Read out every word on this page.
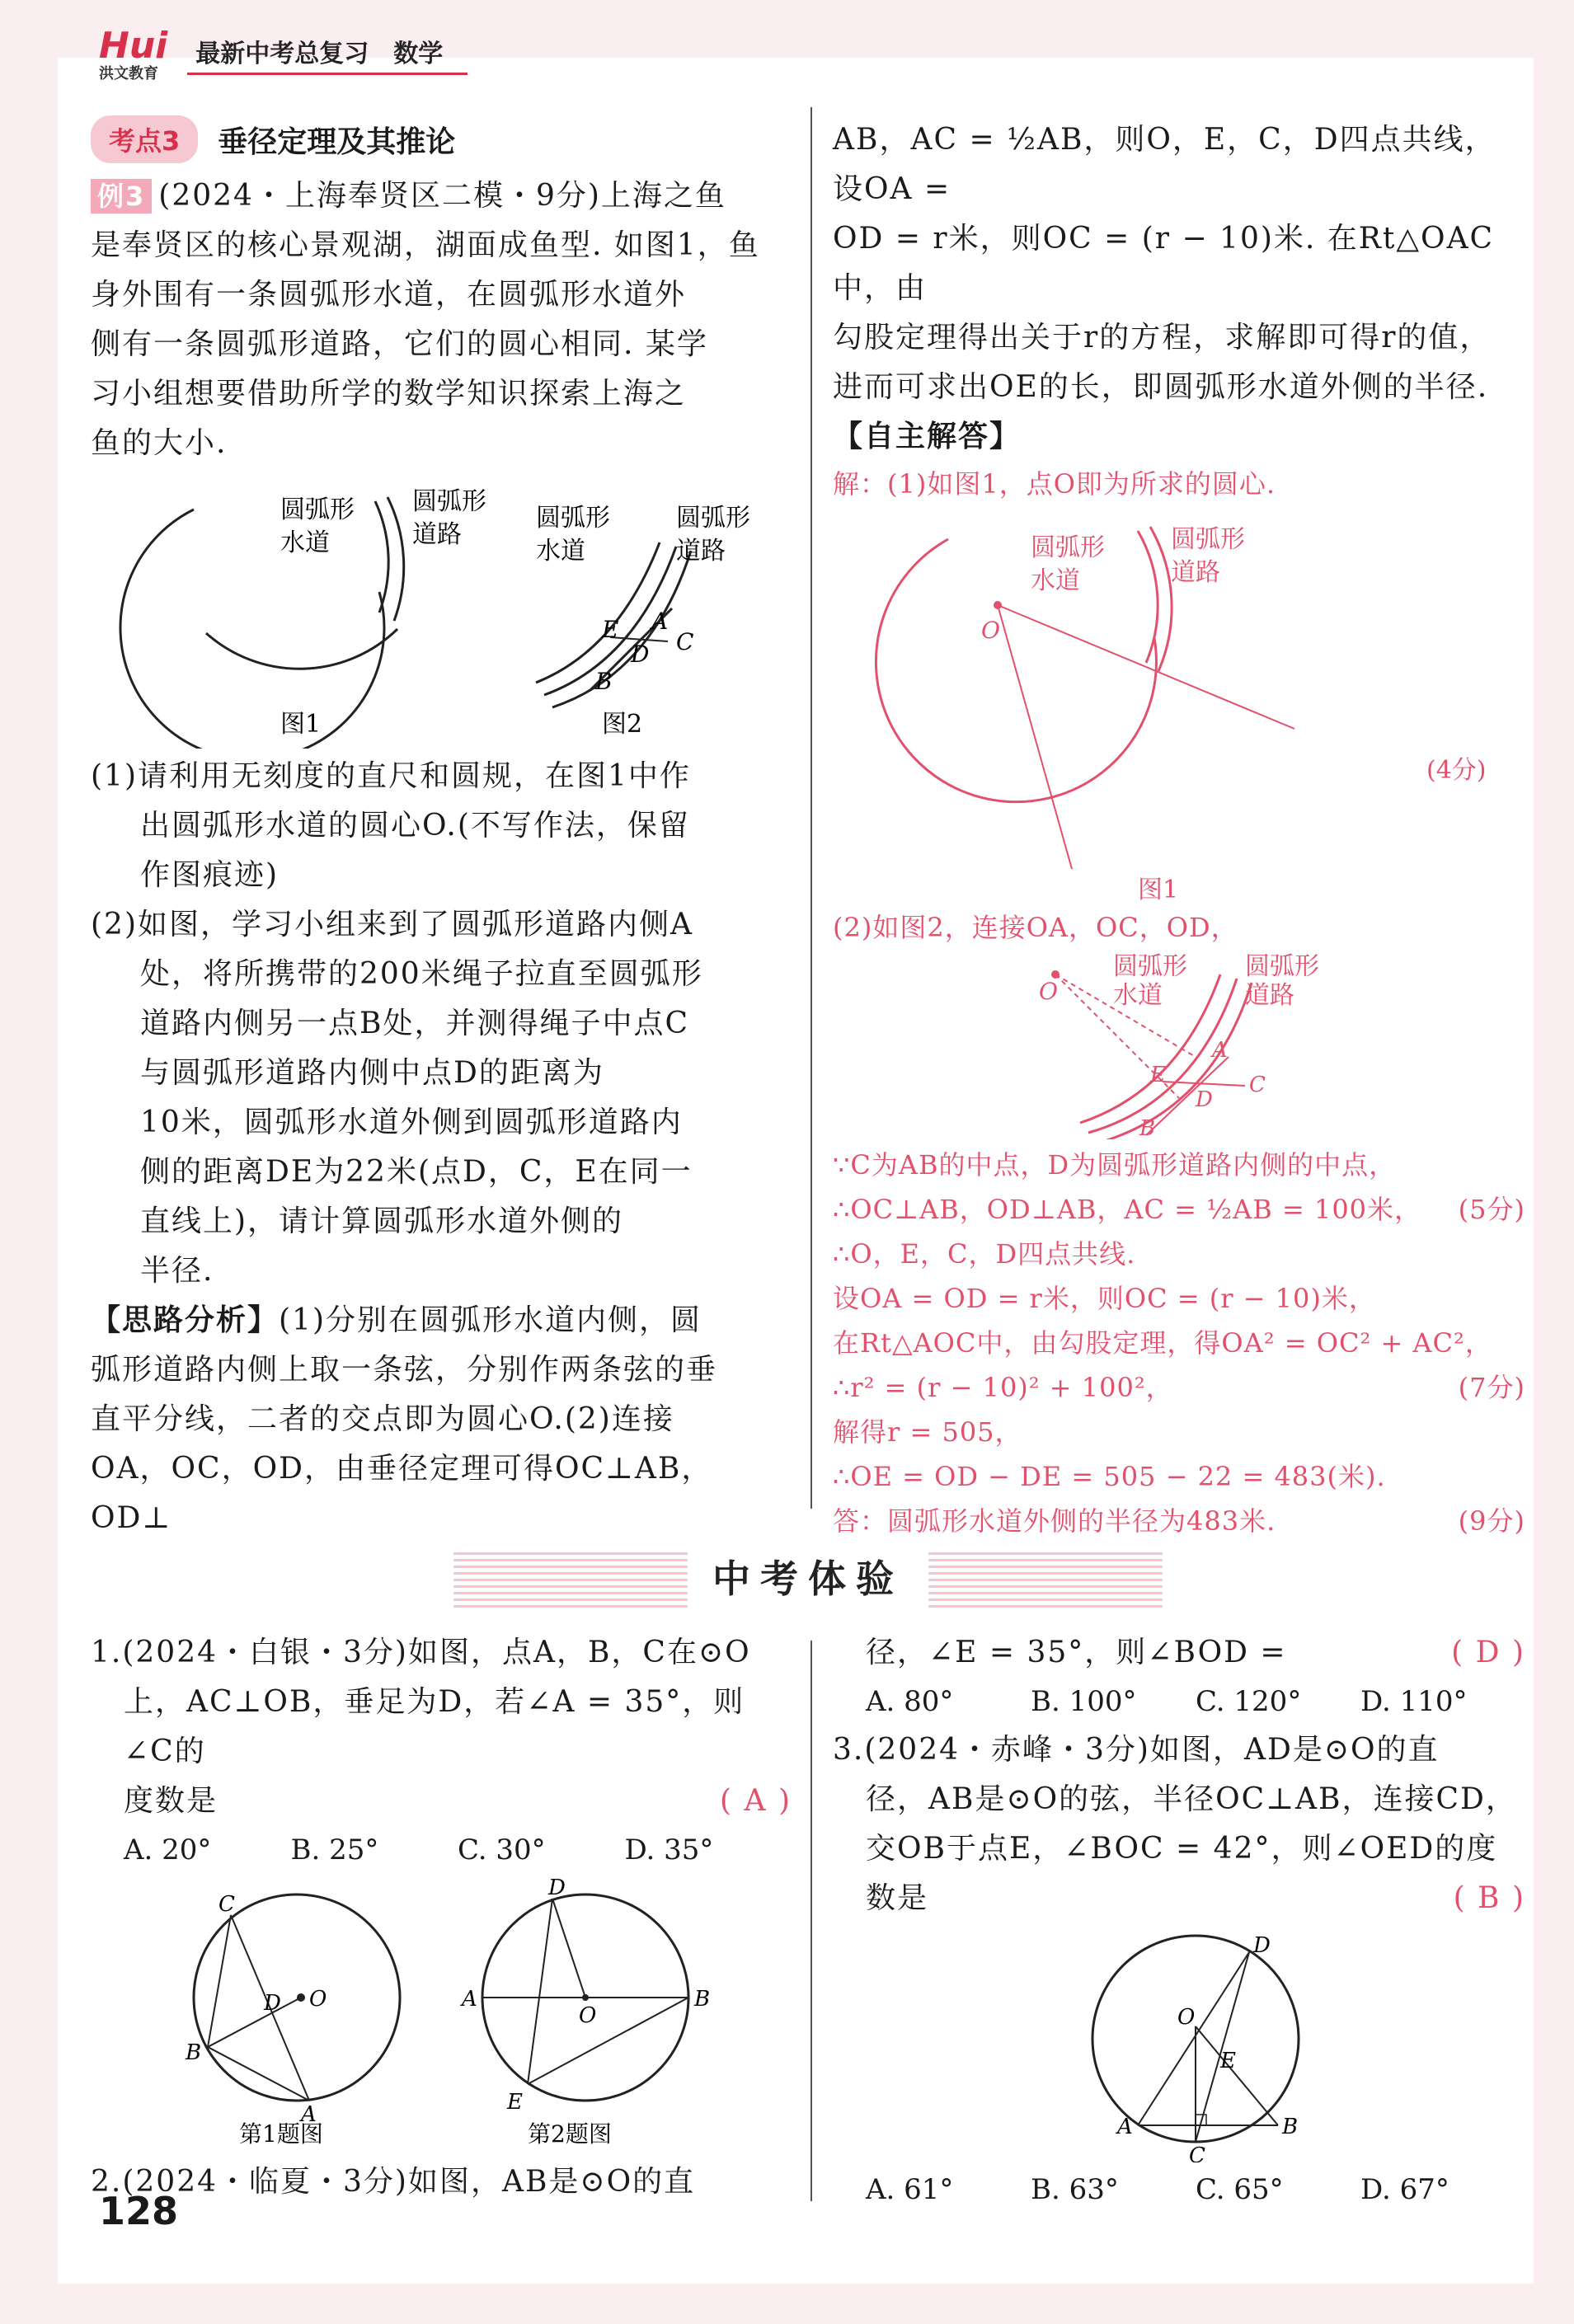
Hui
洪文教育
最新中考总复习　数学
考点3	垂径定理及其推论

例3 (2024・上海奉贤区二模・9分)上海之鱼

是奉贤区的核心景观湖，湖面成鱼型. 如图1，鱼

身外围有一条圆弧形水道，在圆弧形水道外

侧有一条圆弧形道路，它们的圆心相同. 某学

习小组想要借助所学的数学知识探索上海之

鱼的大小.

圆弧形
水道
圆弧形
道路
图1
圆弧形
水道
圆弧形
道路
E A
C
D
B
图2

(1)请利用无刻度的直尺和圆规，在图1中作

出圆弧形水道的圆心O.(不写作法，保留

作图痕迹)

(2)如图，学习小组来到了圆弧形道路内侧A

处，将所携带的200米绳子拉直至圆弧形

道路内侧另一点B处，并测得绳子中点C

与圆弧形道路内侧中点D的距离为

10米，圆弧形水道外侧到圆弧形道路内

侧的距离DE为22米(点D，C，E在同一

直线上)，请计算圆弧形水道外侧的

半径.

【思路分析】(1)分别在圆弧形水道内侧，圆

弧形道路内侧上取一条弦，分别作两条弦的垂

直平分线，二者的交点即为圆心O.(2)连接

OA，OC，OD，由垂径定理可得OC⊥AB，OD⊥

AB，AC = ½AB，则O，E，C，D四点共线，设OA =

OD = r米，则OC = (r − 10)米. 在Rt△OAC中，由

勾股定理得出关于r的方程，求解即可得r的值，

进而可求出OE的长，即圆弧形水道外侧的半径.

【自主解答】

解：(1)如图1，点O即为所求的圆心.

O
圆弧形
水道
圆弧形
道路
图1
(4分)

(2)如图2，连接OA，OC，OD，

O
圆弧形
水道
圆弧形
道路
E
A
C
D
B

∵C为AB的中点，D为圆弧形道路内侧的中点，

∴OC⊥AB，OD⊥AB，AC = ½AB = 100米， (5分)

∴O，E，C，D四点共线.

设OA = OD = r米，则OC = (r − 10)米，

在Rt△AOC中，由勾股定理，得OA² = OC² + AC²，

∴r² = (r − 10)² + 100²，	(7分)

解得r = 505，

∴OE = OD − DE = 505 − 22 = 483(米).

答：圆弧形水道外侧的半径为483米.	(9分)

中考体验

1.(2024・白银・3分)如图，点A，B，C在⊙O

上，AC⊥OB，垂足为D，若∠A = 35°，则∠C的

度数是	( A )

A. 20°	B. 25°	C. 30°	D. 35°
C
D O
B
A
第1题图
D
A
O
B
E
第2题图

2.(2024・临夏・3分)如图，AB是⊙O的直

径，∠E = 35°，则∠BOD =	( D )

A. 80°	B. 100°	C. 120°	D. 110°

3.(2024・赤峰・3分)如图，AD是⊙O的直

径，AB是⊙O的弦，半径OC⊥AB，连接CD，

交OB于点E，∠BOC = 42°，则∠OED的度

数是	( B )

D
O
E
A	B
C
A. 61°	B. 63°	C. 65°	D. 67°
128
